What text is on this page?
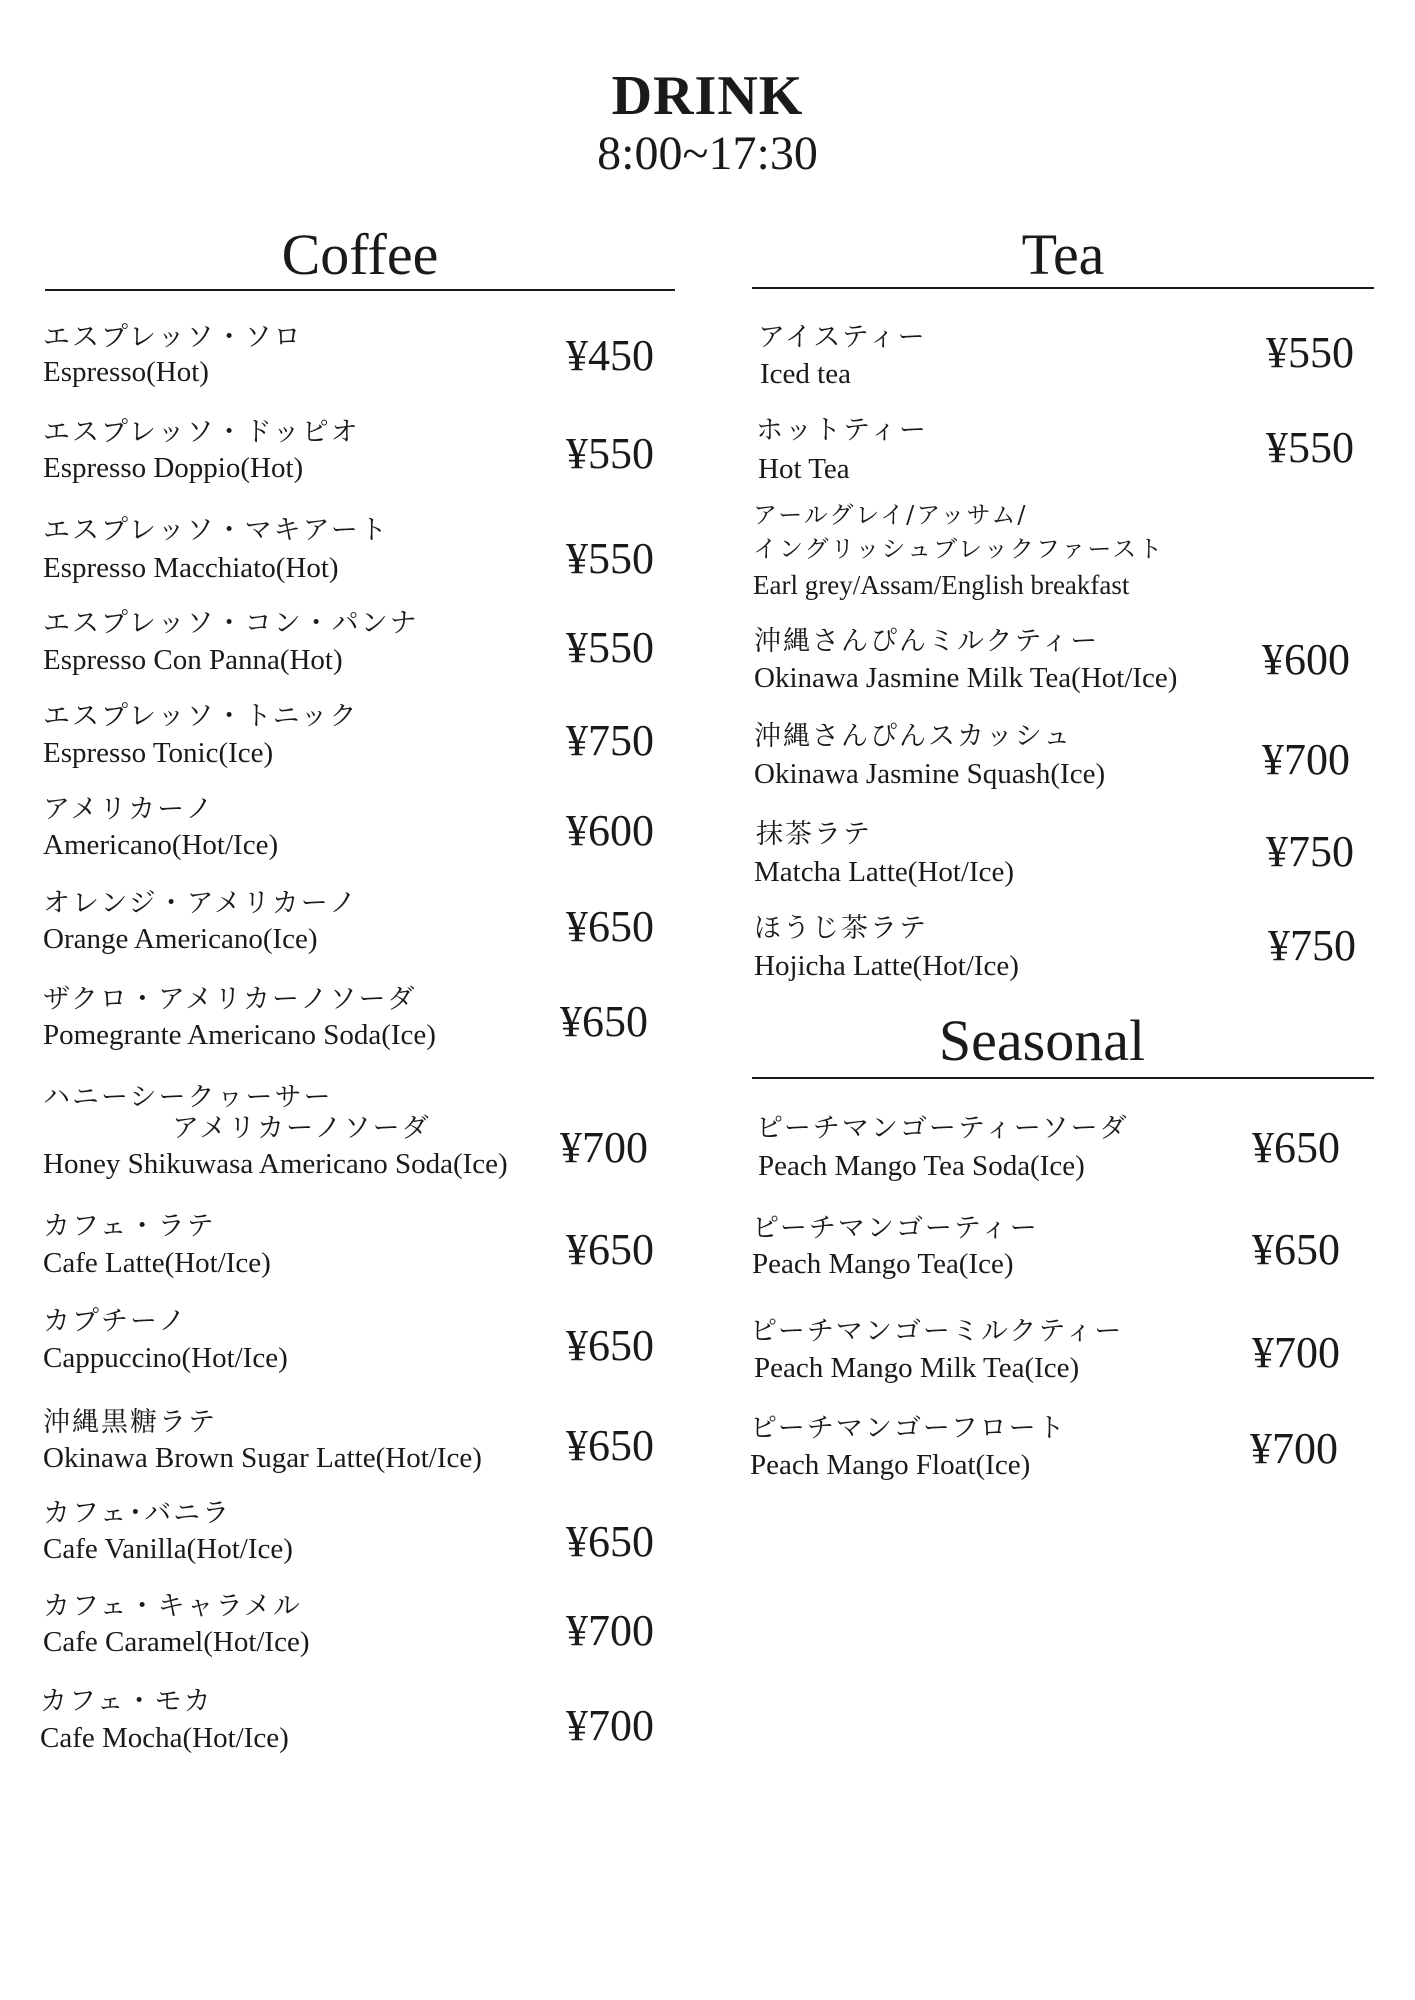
DRINK
8:00~17:30
Coffee	Tea
Seasonal
エスプレッソ・ソロ
Espresso(Hot)	¥450
エスプレッソ・ドッピオ
Espresso Doppio(Hot)	¥550
エスプレッソ・マキアート
Espresso Macchiato(Hot)	¥550
エスプレッソ・コン・パンナ
Espresso Con Panna(Hot)	¥550
エスプレッソ・トニック
Espresso Tonic(Ice)	¥750
アメリカーノ
Americano(Hot/Ice)	¥600
オレンジ・アメリカーノ
Orange Americano(Ice)	¥650
ザクロ・アメリカーノソーダ
Pomegrante Americano Soda(Ice)	¥650
ハニーシークヮーサー
アメリカーノソーダ
Honey Shikuwasa Americano Soda(Ice) ¥700
カフェ・ラテ
Cafe Latte(Hot/Ice)	¥650
カプチーノ
Cappuccino(Hot/Ice)	¥650
沖縄黒糖ラテ
Okinawa Brown Sugar Latte(Hot/Ice) ¥650
カフェ･バニラ
Cafe Vanilla(Hot/Ice)	¥650
カフェ・キャラメル
Cafe Caramel(Hot/Ice)	¥700
カフェ・モカ
Cafe Mocha(Hot/Ice)	¥700
アイスティー
Iced tea	¥550
ホットティー
Hot Tea	¥550
アールグレイ/アッサム/
イングリッシュブレックファースト
Earl grey/Assam/English breakfast
沖縄さんぴんミルクティー
Okinawa Jasmine Milk Tea(Hot/Ice) ¥600
沖縄さんぴんスカッシュ
Okinawa Jasmine Squash(Ice)	¥700
抹茶ラテ
Matcha Latte(Hot/Ice)	¥750
ほうじ茶ラテ
Hojicha Latte(Hot/Ice)	¥750
ピーチマンゴーティーソーダ
Peach Mango Tea Soda(Ice)	¥650
ピーチマンゴーティー
Peach Mango Tea(Ice)	¥650
ピーチマンゴーミルクティー
Peach Mango Milk Tea(Ice)	¥700
ピーチマンゴーフロート
Peach Mango Float(Ice)	¥700
